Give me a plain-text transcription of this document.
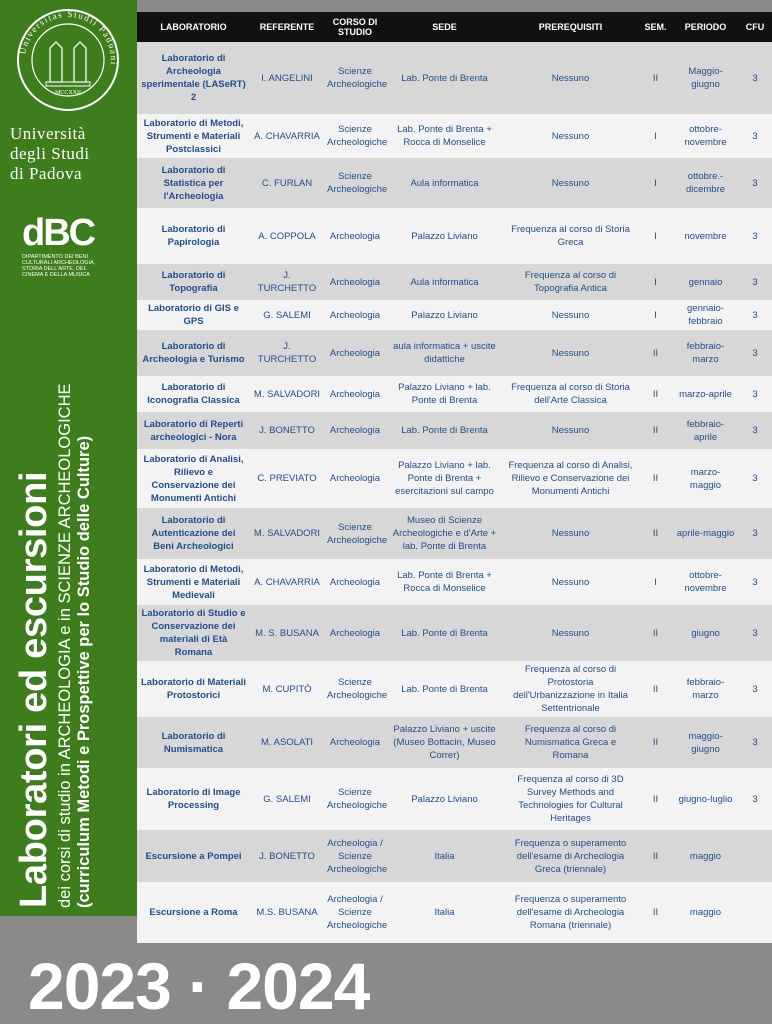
Universitas Studii Paduani
MCCXXII
Università
degli Studi
di Padova
dBC
DIPARTIMENTO DEI BENI CULTURALI ARCHEOLOGIA, STORIA DELL'ARTE, DEL CINEMA E DELLA MUSICA
Laboratori ed escursioni dei corsi di studio in ARCHEOLOGIA e in SCIENZE ARCHEOLOGICHE (curriculum Metodi e Prospettive per lo Studio delle Culture)
2023 · 2024
LABORATORIO	REFERENTE	CORSO DI STUDIO	SEDE	PREREQUISITI	SEM.	PERIODO	CFU
Laboratorio di Archeologia sperimentale (LASeRT) 2	I. ANGELINI	Scienze Archeologiche	Lab. Ponte di Brenta	Nessuno	II	Maggio-giugno	3
Laboratorio di Metodi, Strumenti e Materiali Postclassici	A. CHAVARRIA	Scienze Archeologiche	Lab. Ponte di Brenta + Rocca di Monselice	Nessuno	I	ottobre-novembre	3
Laboratorio di Statistica per l'Archeologia	C. FURLAN	Scienze Archeologiche	Aula informatica	Nessuno	I	ottobre.-dicembre	3
Laboratorio di Papirologia	A. COPPOLA	Archeologia	Palazzo Liviano	Frequenza al corso di Storia Greca	I	novembre	3
Laboratorio di Topografia	J. TURCHETTO	Archeologia	Aula informatica	Frequenza al corso di Topografia Antica	I	gennaio	3
Laboratorio di GIS e GPS	G. SALEMI	Archeologia	Palazzo Liviano	Nessuno	I	gennaio-febbraio	3
Laboratorio di Archeologia e Turismo	J. TURCHETTO	Archeologia	aula informatica + uscite didattiche	Nessuno	II	febbraio-marzo	3
Laboratorio di Iconografia Classica	M. SALVADORI	Archeologia	Palazzo Liviano + lab. Ponte di Brenta	Frequenza al corso di Storia dell'Arte Classica	II	marzo-aprile	3
Laboratorio di Reperti archeologici - Nora	J. BONETTO	Archeologia	Lab. Ponte di Brenta	Nessuno	II	febbraio-aprile	3
Laboratorio di Analisi, Rilievo e Conservazione dei Monumenti Antichi	C. PREVIATO	Archeologia	Palazzo Liviano + lab. Ponte di Brenta + esercitazioni sul campo	Frequenza al corso di Analisi, Rilievo e Conservazione dei Monumenti Antichi	II	marzo-maggio	3
Laboratorio di Autenticazione dei Beni Archeologici	M. SALVADORI	Scienze Archeologiche	Museo di Scienze Archeologiche e d'Arte + lab. Ponte di Brenta	Nessuno	II	aprile-maggio	3
Laboratorio di Metodi, Strumenti e Materiali Medievali	A. CHAVARRIA	Archeologia	Lab. Ponte di Brenta + Rocca di Monselice	Nessuno	I	ottobre-novembre	3
Laboratorio di Studio e Conservazione dei materiali di Età Romana	M. S. BUSANA	Archeologia	Lab. Ponte di Brenta	Nessuno	II	giugno	3
Laboratorio di Materiali Protostorici	M. CUPITÒ	Scienze Archeologiche	Lab. Ponte di Brenta	Frequenza al corso di Protostoria dell'Urbanizzazione in Italia Settentrionale	II	febbraio-marzo	3
Laboratorio di Numismatica	M. ASOLATI	Archeologia	Palazzo Liviano + uscite (Museo Bottacin, Museo Correr)	Frequenza al corso di Numismatica Greca e Romana	II	maggio-giugno	3
Laboratorio di Image Processing	G. SALEMI	Scienze Archeologiche	Palazzo Liviano	Frequenza al corso di 3D Survey Methods and Technologies for Cultural Heritages	II	giugno-luglio	3
Escursione a Pompei	J. BONETTO	Archeologia / Scienze Archeologiche	Italia	Frequenza o superamento dell'esame di Archeologia Greca (triennale)	II	maggio	
Escursione a Roma	M.S. BUSANA	Archeologia / Scienze Archeologiche	Italia	Frequenza o superamento dell'esame di Archeologia Romana (triennale)	II	maggio	
